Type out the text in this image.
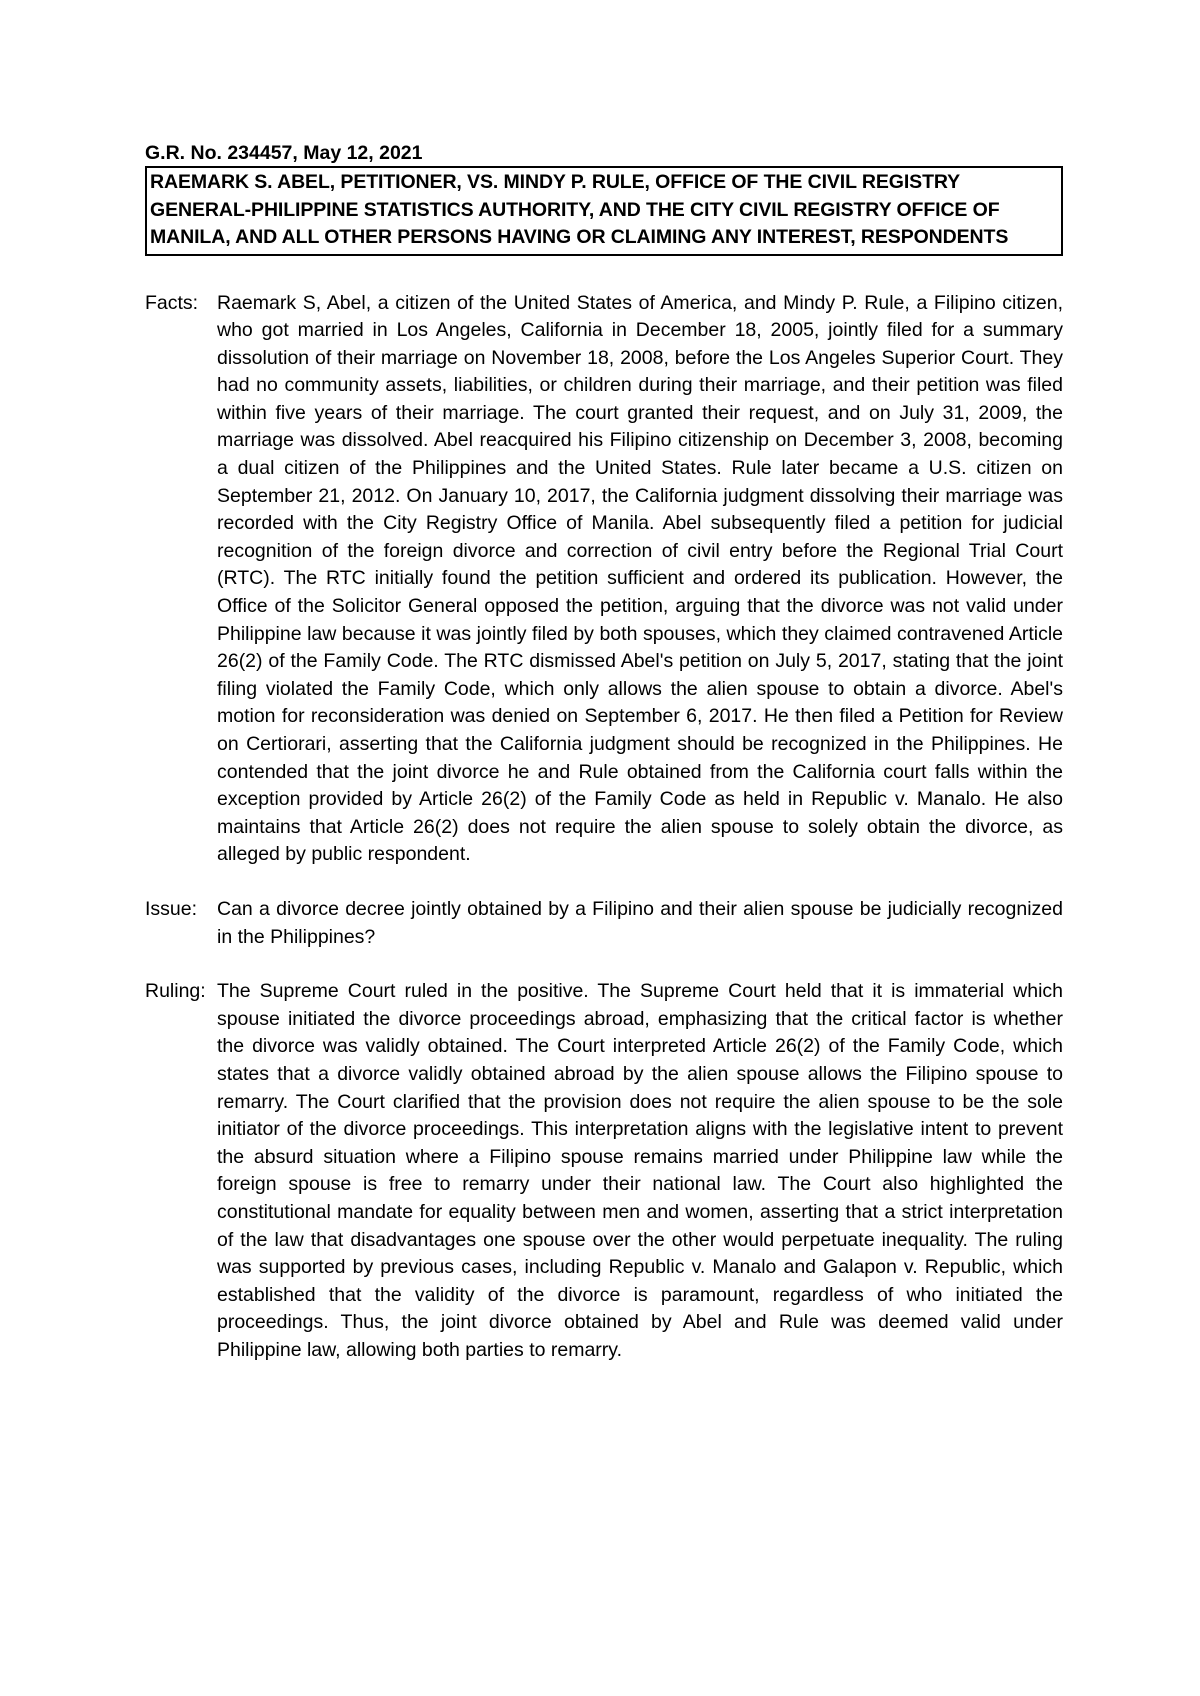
G.R. No. 234457, May 12, 2021
RAEMARK S. ABEL, PETITIONER, VS. MINDY P. RULE, OFFICE OF THE CIVIL REGISTRY GENERAL-PHILIPPINE STATISTICS AUTHORITY, AND THE CITY CIVIL REGISTRY OFFICE OF MANILA, AND ALL OTHER PERSONS HAVING OR CLAIMING ANY INTEREST, RESPONDENTS
Facts: Raemark S, Abel, a citizen of the United States of America, and Mindy P. Rule, a Filipino citizen, who got married in Los Angeles, California in December 18, 2005, jointly filed for a summary dissolution of their marriage on November 18, 2008, before the Los Angeles Superior Court. They had no community assets, liabilities, or children during their marriage, and their petition was filed within five years of their marriage. The court granted their request, and on July 31, 2009, the marriage was dissolved. Abel reacquired his Filipino citizenship on December 3, 2008, becoming a dual citizen of the Philippines and the United States. Rule later became a U.S. citizen on September 21, 2012. On January 10, 2017, the California judgment dissolving their marriage was recorded with the City Registry Office of Manila. Abel subsequently filed a petition for judicial recognition of the foreign divorce and correction of civil entry before the Regional Trial Court (RTC). The RTC initially found the petition sufficient and ordered its publication. However, the Office of the Solicitor General opposed the petition, arguing that the divorce was not valid under Philippine law because it was jointly filed by both spouses, which they claimed contravened Article 26(2) of the Family Code. The RTC dismissed Abel's petition on July 5, 2017, stating that the joint filing violated the Family Code, which only allows the alien spouse to obtain a divorce. Abel's motion for reconsideration was denied on September 6, 2017. He then filed a Petition for Review on Certiorari, asserting that the California judgment should be recognized in the Philippines. He contended that the joint divorce he and Rule obtained from the California court falls within the exception provided by Article 26(2) of the Family Code as held in Republic v. Manalo. He also maintains that Article 26(2) does not require the alien spouse to solely obtain the divorce, as alleged by public respondent.
Issue:	Can a divorce decree jointly obtained by a Filipino and their alien spouse be judicially recognized in the Philippines?
Ruling: The Supreme Court ruled in the positive. The Supreme Court held that it is immaterial which spouse initiated the divorce proceedings abroad, emphasizing that the critical factor is whether the divorce was validly obtained. The Court interpreted Article 26(2) of the Family Code, which states that a divorce validly obtained abroad by the alien spouse allows the Filipino spouse to remarry. The Court clarified that the provision does not require the alien spouse to be the sole initiator of the divorce proceedings. This interpretation aligns with the legislative intent to prevent the absurd situation where a Filipino spouse remains married under Philippine law while the foreign spouse is free to remarry under their national law. The Court also highlighted the constitutional mandate for equality between men and women, asserting that a strict interpretation of the law that disadvantages one spouse over the other would perpetuate inequality. The ruling was supported by previous cases, including Republic v. Manalo and Galapon v. Republic, which established that the validity of the divorce is paramount, regardless of who initiated the proceedings. Thus, the joint divorce obtained by Abel and Rule was deemed valid under Philippine law, allowing both parties to remarry.
